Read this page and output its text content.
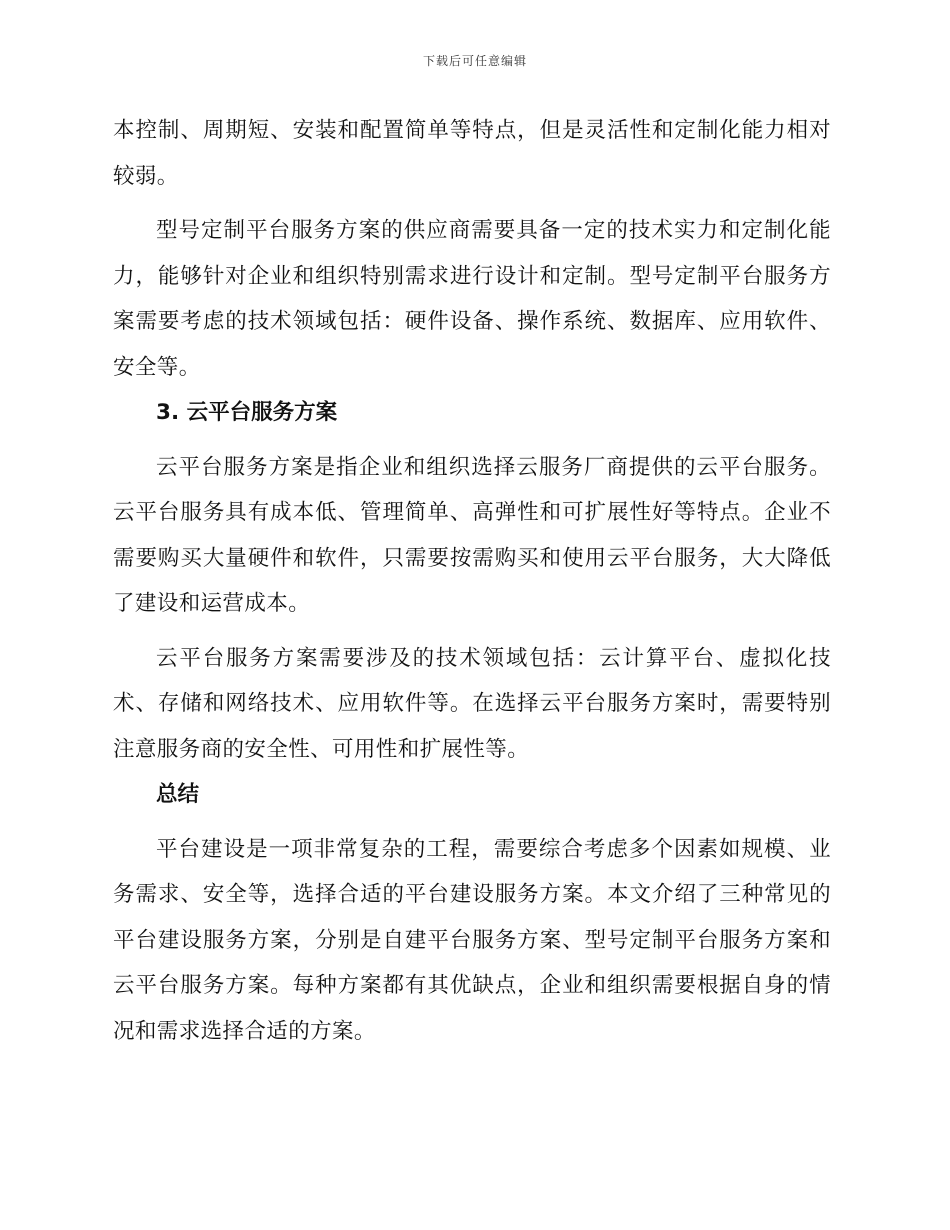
下载后可任意编辑

本控制、周期短、安装和配置简单等特点，但是灵活性和定制化能力相对较弱。

型号定制平台服务方案的供应商需要具备一定的技术实力和定制化能力，能够针对企业和组织特别需求进行设计和定制。型号定制平台服务方案需要考虑的技术领域包括：硬件设备、操作系统、数据库、应用软件、安全等。

3. 云平台服务方案

云平台服务方案是指企业和组织选择云服务厂商提供的云平台服务。云平台服务具有成本低、管理简单、高弹性和可扩展性好等特点。企业不需要购买大量硬件和软件，只需要按需购买和使用云平台服务，大大降低了建设和运营成本。

云平台服务方案需要涉及的技术领域包括：云计算平台、虚拟化技术、存储和网络技术、应用软件等。在选择云平台服务方案时，需要特别注意服务商的安全性、可用性和扩展性等。

总结

平台建设是一项非常复杂的工程，需要综合考虑多个因素如规模、业务需求、安全等，选择合适的平台建设服务方案。本文介绍了三种常见的平台建设服务方案，分别是自建平台服务方案、型号定制平台服务方案和云平台服务方案。每种方案都有其优缺点，企业和组织需要根据自身的情况和需求选择合适的方案。
